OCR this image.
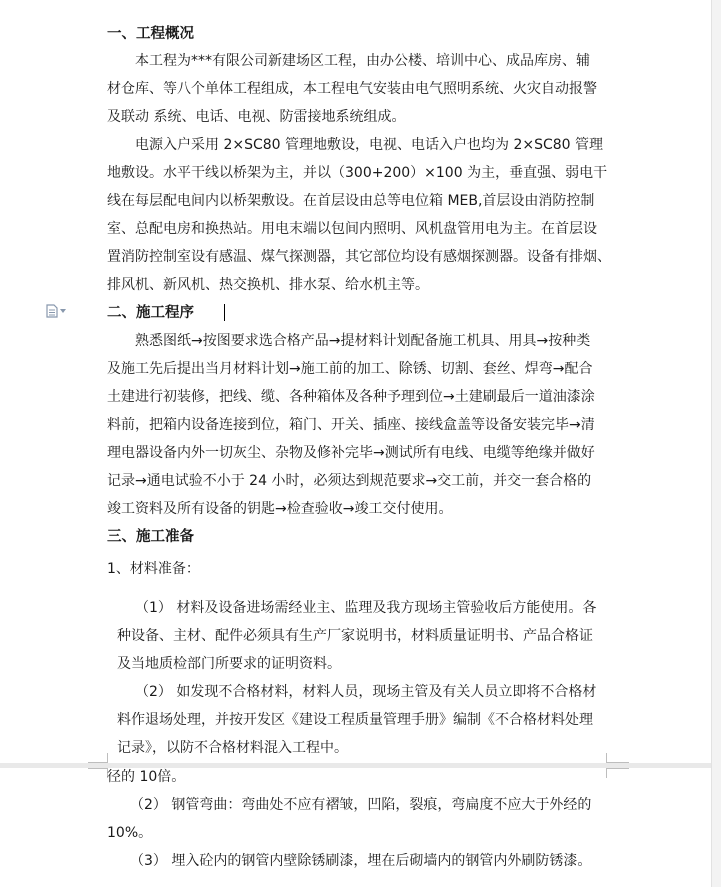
一、工程概况
本工程为***有限公司新建场区工程，由办公楼、培训中心、成品库房、辅
材仓库、等八个单体工程组成，本工程电气安装由电气照明系统、火灾自动报警
及联动 系统、电话、电视、防雷接地系统组成。
电源入户采用 2×SC80 管理地敷设，电视、电话入户也均为 2×SC80 管理
地敷设。水平干线以桥架为主，并以（300+200）×100 为主，垂直强、弱电干
线在每层配电间内以桥架敷设。在首层设由总等电位箱 MEB,首层设由消防控制
室、总配电房和换热站。用电末端以包间内照明、风机盘管用电为主。在首层设
置消防控制室设有感温、煤气探测器，其它部位均设有感烟探测器。设备有排烟、
排风机、新风机、热交换机、排水泵、给水机主等。
二、施工程序
熟悉图纸→按图要求选合格产品→提材料计划配备施工机具、用具→按种类
及施工先后提出当月材料计划→施工前的加工、除锈、切割、套丝、焊弯→配合
土建进行初装修，把线、缆、各种箱体及各种予理到位→土建刷最后一道油漆涂
料前，把箱内设备连接到位，箱门、开关、插座、接线盒盖等设备安装完毕→清
理电器设备内外一切灰尘、杂物及修补完毕→测试所有电线、电缆等绝缘并做好
记录→通电试验不小于 24 小时，必须达到规范要求→交工前，并交一套合格的
竣工资料及所有设备的钥匙→检查验收→竣工交付使用。
三、施工准备
1、材料准备：
（1） 材料及设备进场需经业主、监理及我方现场主管验收后方能使用。各
种设备、主材、配件必须具有生产厂家说明书，材料质量证明书、产品合格证
及当地质检部门所要求的证明资料。
（2） 如发现不合格材料，材料人员，现场主管及有关人员立即将不合格材
料作退场处理，并按开发区《建设工程质量管理手册》编制《不合格材料处理
记录》，以防不合格材料混入工程中。
径的 10倍。
（2） 钢管弯曲：弯曲处不应有褶皱，凹陷，裂痕，弯扁度不应大于外经的
10%。
（3） 埋入砼内的钢管内壁除锈刷漆，埋在后砌墙内的钢管内外刷防锈漆。
